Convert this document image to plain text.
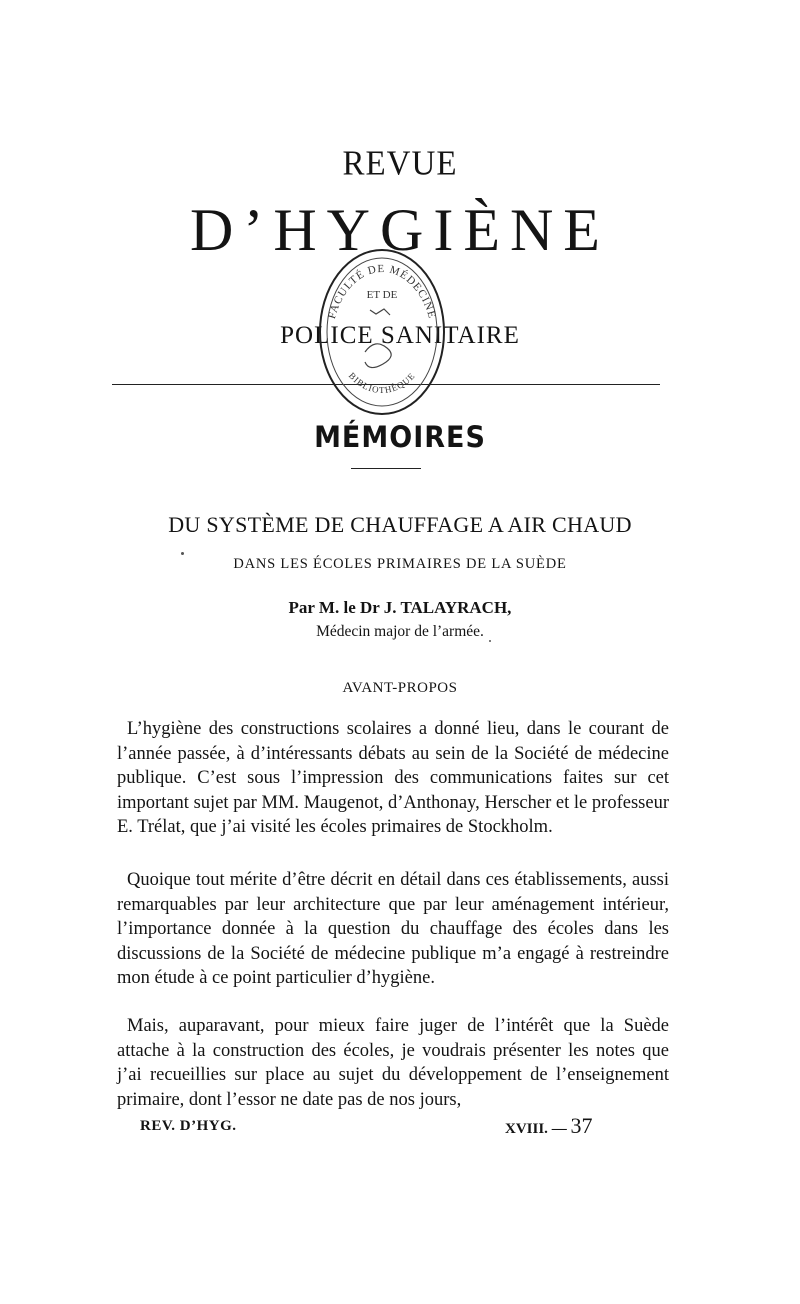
REVUE
D’HYGIÈNE
POLICE SANITAIRE
FACULTÉ DE MÉDECINE
ET DE
BIBLIOTHÈQUE
MÉMOIRES
DU SYSTÈME DE CHAUFFAGE A AIR CHAUD
DANS LES ÉCOLES PRIMAIRES DE LA SUÈDE
Par M. le Dr J. TALAYRACH,
Médecin major de l’armée.
AVANT-PROPOS

L’hygiène des constructions scolaires a donné lieu, dans le courant de l’année passée, à d’intéressants débats au sein de la Société de médecine publique. C’est sous l’impression des communications faites sur cet important sujet par MM. Maugenot, d’Anthonay, Herscher et le professeur E. Trélat, que j’ai visité les écoles primaires de Stockholm.

Quoique tout mérite d’être décrit en détail dans ces établissements, aussi remarquables par leur architecture que par leur aménagement intérieur, l’importance donnée à la question du chauffage des écoles dans les discussions de la Société de médecine publique m’a engagé à restreindre mon étude à ce point particulier d’hygiène.

Mais, auparavant, pour mieux faire juger de l’intérêt que la Suède attache à la construction des écoles, je voudrais présenter les notes que j’ai recueillies sur place au sujet du développement de l’enseignement primaire, dont l’essor ne date pas de nos jours,

REV. D’HYG.	XVIII. — 37
